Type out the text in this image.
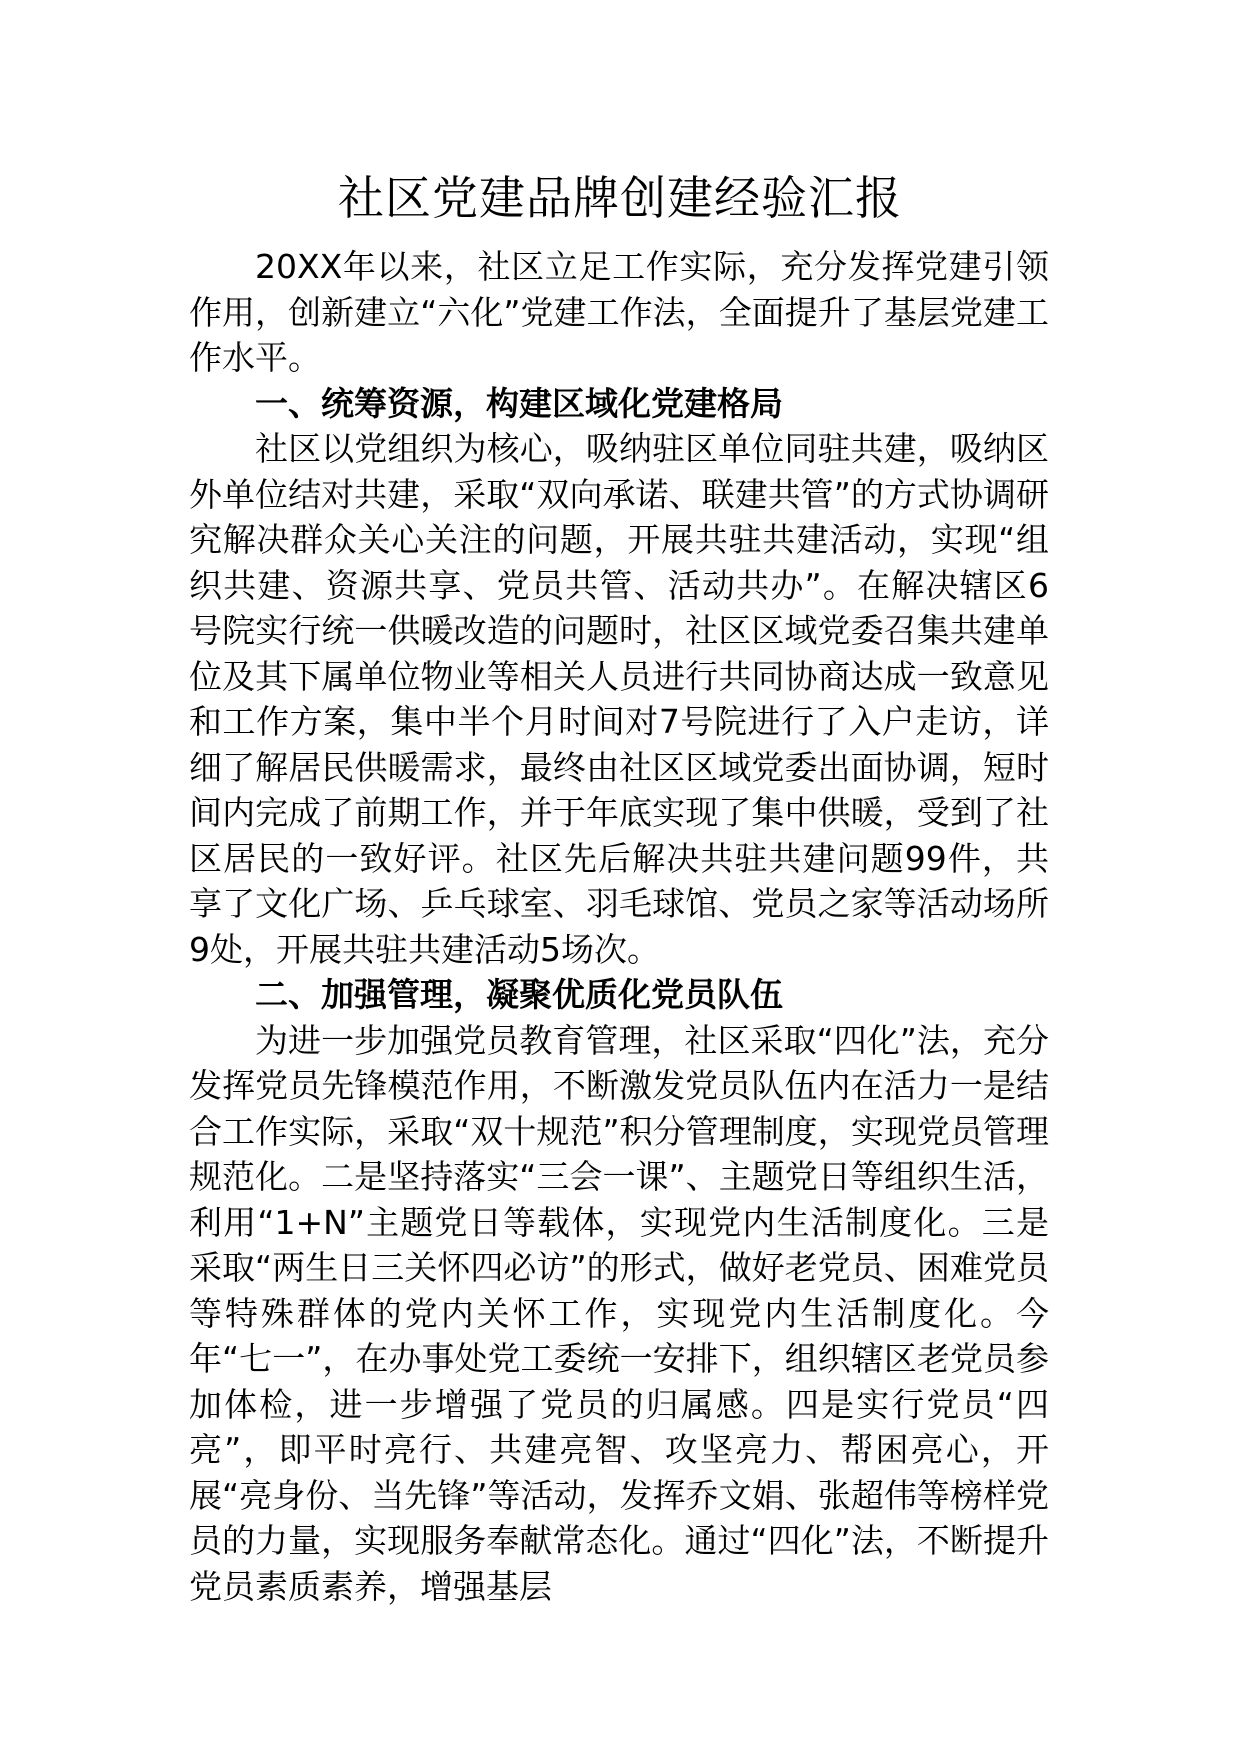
社区党建品牌创建经验汇报

20XX年以来，社区立足工作实际，充分发挥党建引领作用，创新建立“六化”党建工作法，全面提升了基层党建工作水平。

一、统筹资源，构建区域化党建格局

社区以党组织为核心，吸纳驻区单位同驻共建，吸纳区外单位结对共建，采取“双向承诺、联建共管”的方式协调研究解决群众关心关注的问题，开展共驻共建活动，实现“组织共建、资源共享、党员共管、活动共办”。在解决辖区6号院实行统一供暖改造的问题时，社区区域党委召集共建单位及其下属单位物业等相关人员进行共同协商达成一致意见和工作方案，集中半个月时间对7号院进行了入户走访，详细了解居民供暖需求，最终由社区区域党委出面协调，短时间内完成了前期工作，并于年底实现了集中供暖，受到了社区居民的一致好评。社区先后解决共驻共建问题99件，共享了文化广场、乒乓球室、羽毛球馆、党员之家等活动场所9处，开展共驻共建活动5场次。

二、加强管理，凝聚优质化党员队伍

为进一步加强党员教育管理，社区采取“四化”法，充分发挥党员先锋模范作用，不断激发党员队伍内在活力一是结合工作实际，采取“双十规范”积分管理制度，实现党员管理规范化。二是坚持落实“三会一课”、主题党日等组织生活，利用“1+N”主题党日等载体，实现党内生活制度化。三是采取“两生日三关怀四必访”的形式，做好老党员、困难党员等特殊群体的党内关怀工作，实现党内生活制度化。今年“七一”，在办事处党工委统一安排下，组织辖区老党员参加体检，进一步增强了党员的归属感。四是实行党员“四亮”，即平时亮行、共建亮智、攻坚亮力、帮困亮心，开展“亮身份、当先锋”等活动，发挥乔文娟、张超伟等榜样党员的力量，实现服务奉献常态化。通过“四化”法，不断提升党员素质素养，增强基层
